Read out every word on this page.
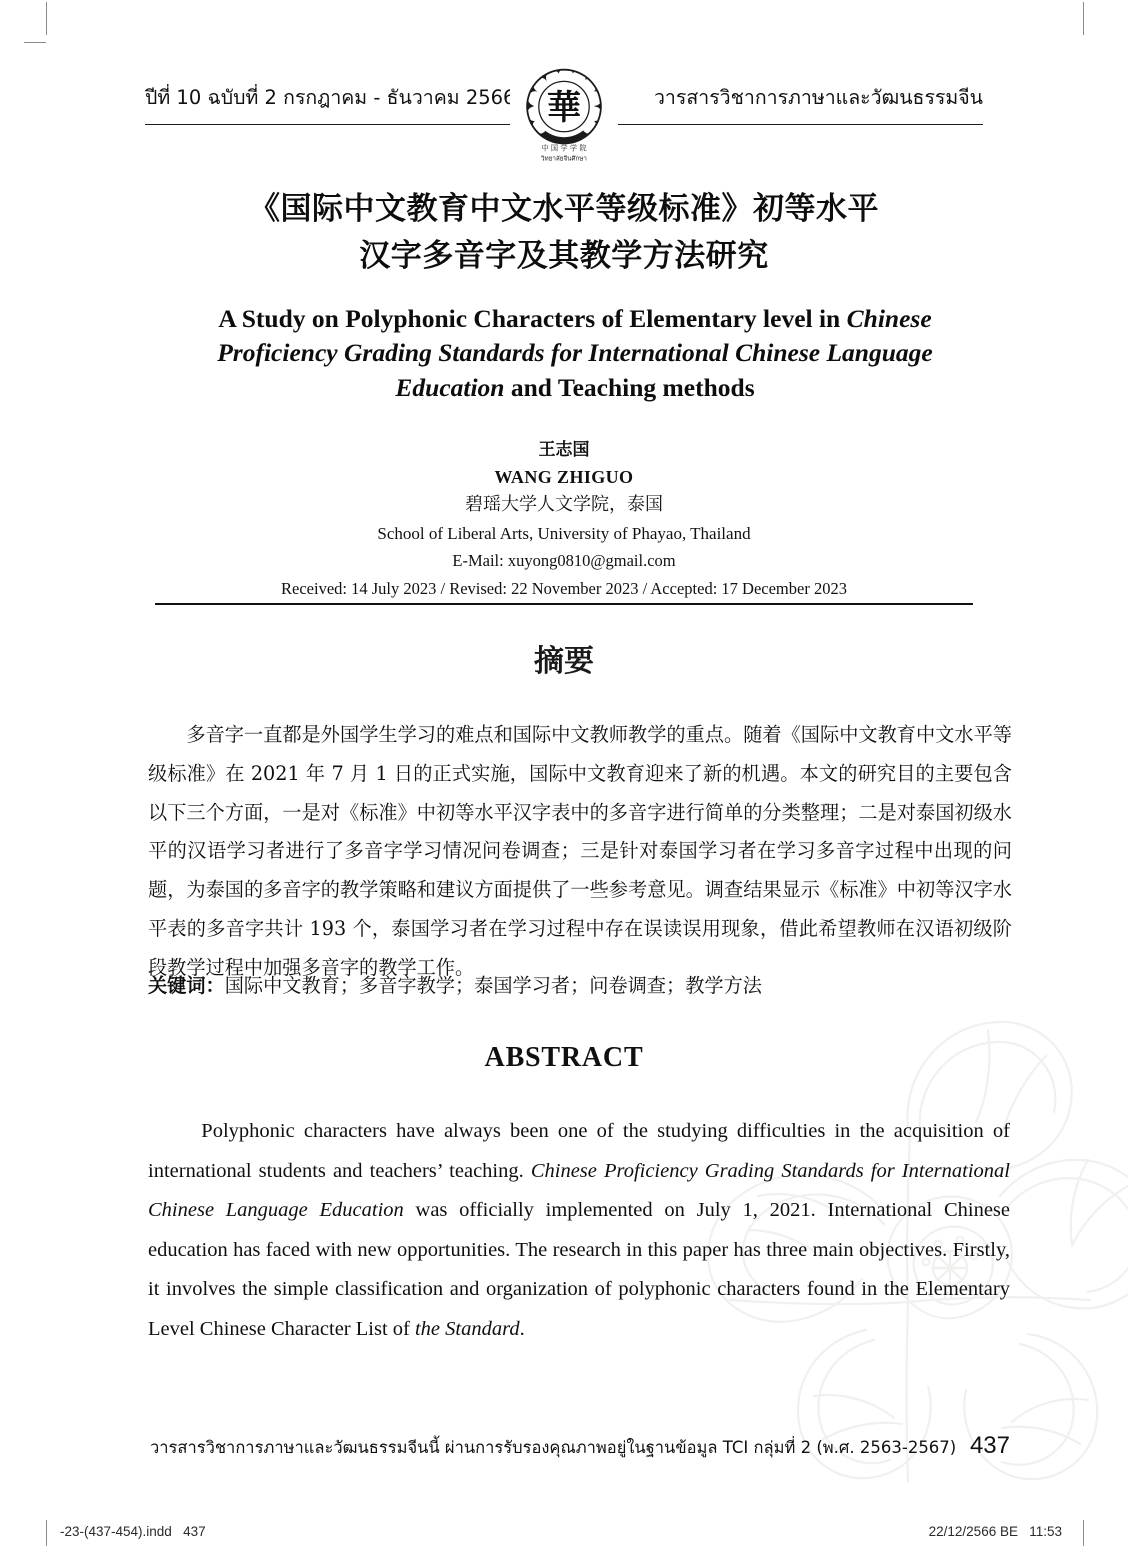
ปีที่ 10 ฉบับที่ 2 กรกฎาคม - ธันวาคม 2566	วารสารวิชาการภาษาและวัฒนธรรมจีน
華
中 国 学 学 院
วิทยาลัยจีนศึกษา
《国际中文教育中文水平等级标准》初等水平
汉字多音字及其教学方法研究
A Study on Polyphonic Characters of Elementary level in Chinese Proficiency Grading Standards for International Chinese Language Education and Teaching methods
王志国
WANG ZHIGUO
碧瑶大学人文学院，泰国
School of Liberal Arts, University of Phayao, Thailand
E-Mail: xuyong0810@gmail.com
Received: 14 July 2023 / Revised: 22 November 2023 / Accepted: 17 December 2023
摘要
多音字一直都是外国学生学习的难点和国际中文教师教学的重点。随着《国际中文教育中文水平等级标准》在 2021 年 7 月 1 日的正式实施，国际中文教育迎来了新的机遇。本文的研究目的主要包含以下三个方面，一是对《标准》中初等水平汉字表中的多音字进行简单的分类整理；二是对泰国初级水平的汉语学习者进行了多音字学习情况问卷调查；三是针对泰国学习者在学习多音字过程中出现的问题，为泰国的多音字的教学策略和建议方面提供了一些参考意见。调查结果显示《标准》中初等汉字水平表的多音字共计 193 个，泰国学习者在学习过程中存在误读误用现象，借此希望教师在汉语初级阶段教学过程中加强多音字的教学工作。
关键词：国际中文教育；多音字教学；泰国学习者；问卷调查；教学方法
ABSTRACT
Polyphonic characters have always been one of the studying difficulties in the acquisition of international students and teachers’ teaching. Chinese Proficiency Grading Standards for International Chinese Language Education was officially implemented on July 1, 2021. International Chinese education has faced with new opportunities. The research in this paper has three main objectives. Firstly, it involves the simple classification and organization of polyphonic characters found in the Elementary Level Chinese Character List of the Standard.
วารสารวิชาการภาษาและวัฒนธรรมจีนนี้ ผ่านการรับรองคุณภาพอยู่ในฐานข้อมูล TCI กลุ่มที่ 2 (พ.ศ. 2563-2567) 437
-23-(437-454).indd   437	22/12/2566 BE   11:53
